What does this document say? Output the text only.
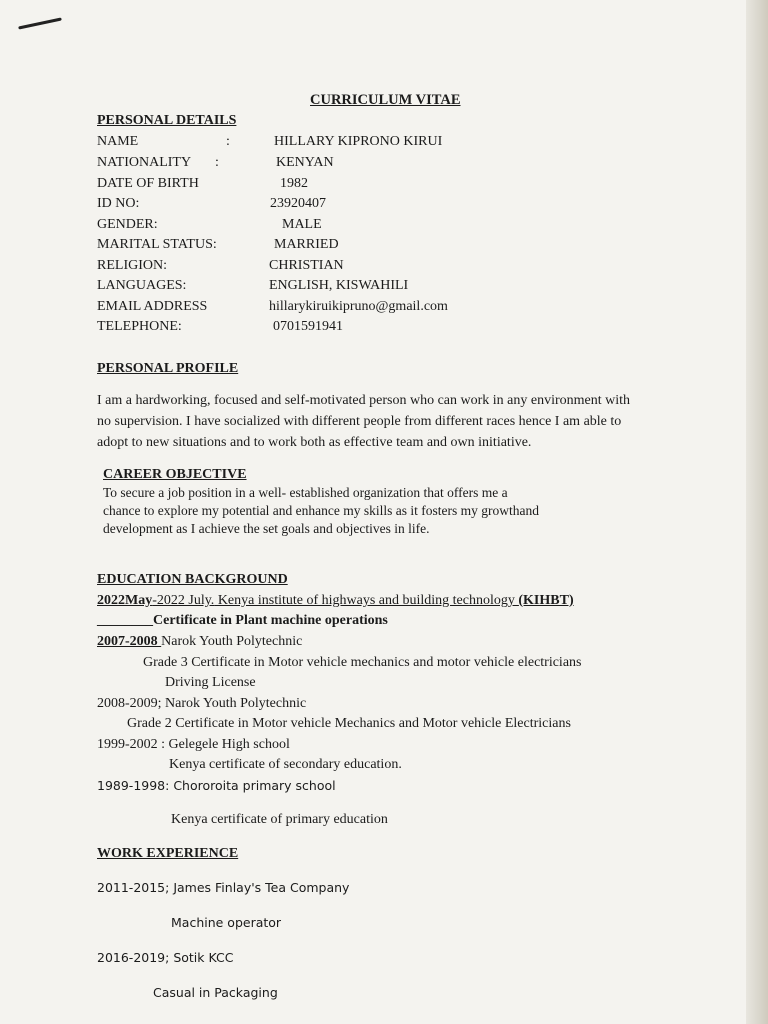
CURRICULUM VITAE
PERSONAL DETAILS
NAME	:	HILLARY KIPRONO KIRUI
NATIONALITY :	KENYAN
DATE OF BIRTH	1982
ID NO:	23920407
GENDER:	MALE
MARITAL STATUS:	MARRIED
RELIGION:	CHRISTIAN
LANGUAGES:	ENGLISH, KISWAHILI
EMAIL ADDRESS	hillarykiruikipruno@gmail.com
TELEPHONE:	0701591941
PERSONAL PROFILE
I am a hardworking, focused and self-motivated person who can work in any environment with
no supervision. I have socialized with different people from different races hence I am able to
adopt to new situations and to work both as effective team and own initiative.
CAREER OBJECTIVE
To secure a job position in a well- established organization that offers me a
chance to explore my potential and enhance my skills as it fosters my growthand
development as I achieve the set goals and objectives in life.
EDUCATION BACKGROUND
2022May-2022 July. Kenya institute of highways and building technology (KIHBT)
________Certificate in Plant machine operations
2007-2008 Narok Youth Polytechnic
Grade 3 Certificate in Motor vehicle mechanics and motor vehicle electricians
Driving License
2008-2009; Narok Youth Polytechnic
Grade 2 Certificate in Motor vehicle Mechanics and Motor vehicle Electricians
1999-2002 : Gelegele High school
Kenya certificate of secondary education.
1989-1998: Chororoita primary school
Kenya certificate of primary education
WORK EXPERIENCE
2011-2015; James Finlay's Tea Company
Machine operator
2016-2019; Sotik KCC
Casual in Packaging
